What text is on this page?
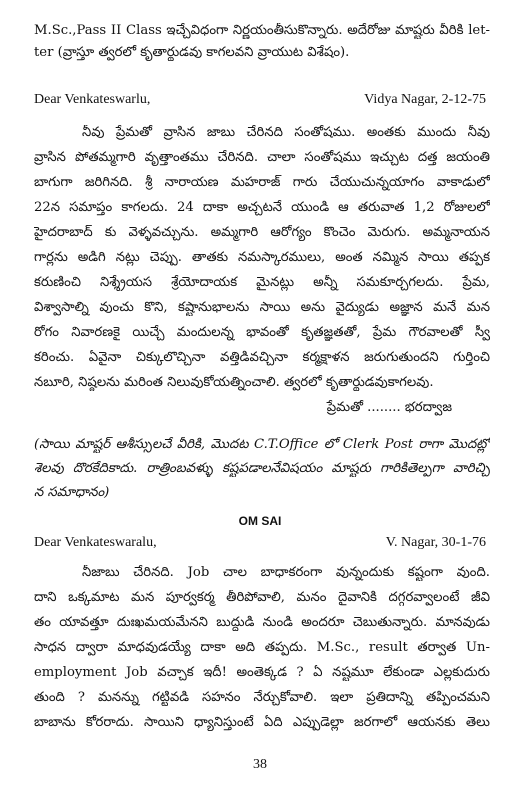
M.Sc.,Pass II Class ఇచ్చేవిధంగా నిర్ణయంతీసుకొన్నారు. అదేరోజు మాష్టరు వీరికి let-
ter (వ్రాస్తూ త్వరలో కృతార్థుడవు కాగలవని వ్రాయుట విశేషం).
Dear Venkateswarlu,	Vidya Nagar, 2-12-75
నీవు ప్రేమతో వ్రాసిన జాబు చేరినది సంతోషము. అంతకు ముందు నీవు
వ్రాసిన పోతమ్మగారి వృత్తాంతము చేరినది. చాలా సంతోషము ఇచ్చుట దత్త జయంతి
బాగుగా జరిగినది. శ్రీ నారాయణ మహరాజ్ గారు చేయుచున్నయాగం వాకాడులో
22న సమాప్తం కాగలదు. 24 దాకా అచ్చటనే యుండి ఆ తరువాత 1,2 రోజులలో
హైదరాబాద్ కు వెళ్ళవచ్చును. అమ్మగారి ఆరోగ్యం కొంచెం మెరుగు. అమ్మనాయన
గార్లను అడిగి నట్లు చెప్పు. తాతకు నమస్కారములు, అంత నమ్మిన సాయి తప్పక
కరుణించి నిశ్శ్రేయస శ్రేయోదాయక మైనట్లు అన్నీ సమకూర్చగలదు. ప్రేమ,
విశ్వాసాల్ని వుంచు కొని, కష్టానుభాలను సాయి అను వైద్యుడు అజ్ఞాన మనే మన
రోగం నివారణకై యిచ్చే మందులన్న భావంతో కృతజ్ఞతతో, ప్రేమ గౌరవాలతో స్వీ
కరించు. ఏవైనా చిక్కులొచ్చినా వత్తిడివచ్చినా కర్మక్షాళన జరుగుతుందని గుర్తించి
నబూరి, నిష్ఠలను మరింత నిలువుకోయత్నించాలి. త్వరలో కృతార్థుడవుకాగలవు.
ప్రేమతో ........ భరద్వాజ
(సాయి మాష్టర్ ఆశీస్సులచే వీరికి, మొదట C.T.Office లో Clerk Post రాగా మొదట్లో
శెలవు దొరకేదికాదు. రాత్రింబవళ్ళు కష్టపడాలనేవిషయం మాష్టరు గారికితెల్పగా వారిచ్చి
న సమాధానం)
OM SAI
Dear Venkateswaralu,	V. Nagar, 30-1-76
నీజాబు చేరినది. Job చాల బాధాకరంగా వున్నందుకు కష్టంగా వుంది.
దాని ఒక్కమాట మన పూర్వకర్మ తీరిపోవాలి, మనం దైవానికి దగ్గరవ్వాలంటే జీవి
తం యావత్తూ దుఃఖమయమేనని బుద్ధుడి నుండి అందరూ చెబుతున్నారు. మానవుడు
సాధన ద్వారా మాధవుడయ్యే దాకా అది తప్పదు. M.Sc., result తర్వాత Un-
employment Job వచ్చాక ఇదీ! అంతెక్కడ ? ఏ నష్టమూ లేకుండా ఎల్లకుదురు
తుంది ? మనన్ను గట్టివడి సహనం నేర్చుకోవాలి. ఇలా ప్రతిదాన్ని తప్పించమని
బాబాను కోరరాదు. సాయిని ధ్యానిస్తుంటే ఏది ఎప్పుడెల్లా జరగాలో ఆయనకు తెలు
38
